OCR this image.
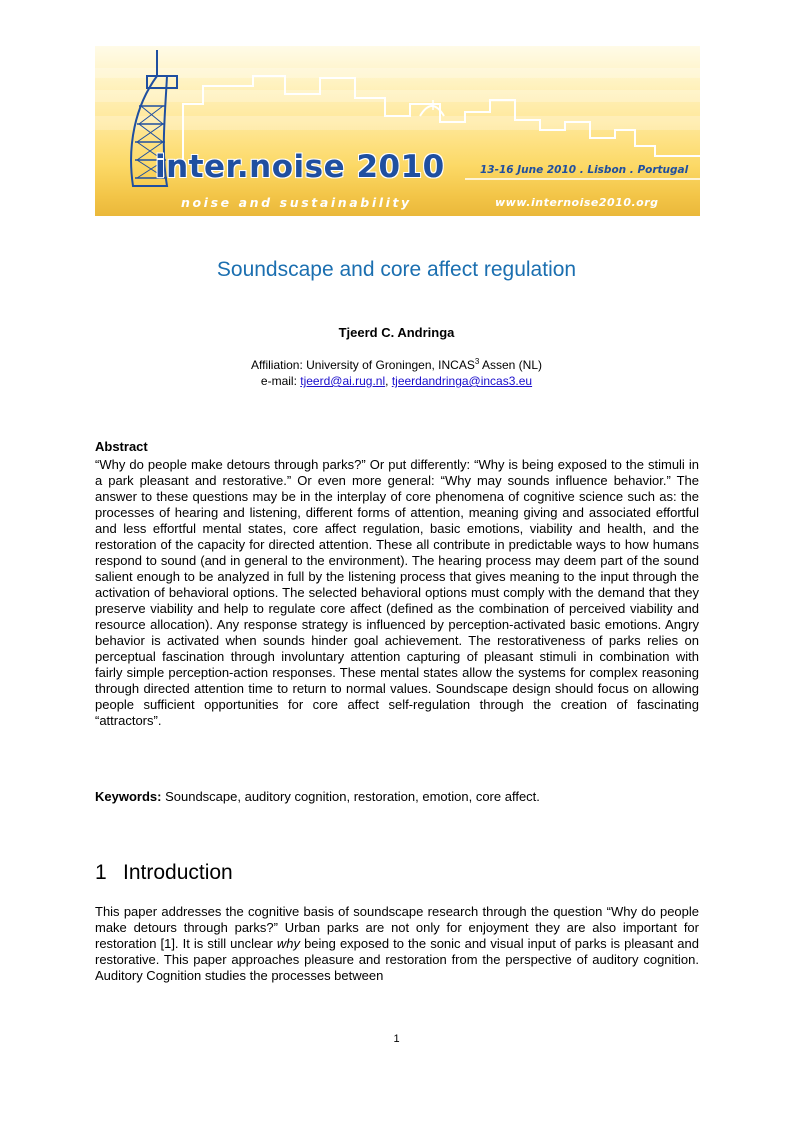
inter.noise 2010
noise and sustainability
13-16 June 2010 . Lisbon . Portugal
www.internoise2010.org
Soundscape and core affect regulation
Tjeerd C. Andringa
Affiliation: University of Groningen, INCAS$^3$ Assen (NL)
e-mail: tjeerd@ai.rug.nl, tjeerdandringa@incas3.eu
Abstract

“Why do people make detours through parks?” Or put differently: “Why is being exposed to the stimuli in a park pleasant and restorative.” Or even more general: “Why may sounds influence behavior.” The answer to these questions may be in the interplay of core phenomena of cognitive science such as: the processes of hearing and listening, different forms of attention, meaning giving and associated effortful and less effortful mental states, core affect regulation, basic emotions, viability and health, and the restoration of the capacity for directed attention. These all contribute in predictable ways to how humans respond to sound (and in general to the environment). The hearing process may deem part of the sound salient enough to be analyzed in full by the listening process that gives meaning to the input through the activation of behavioral options. The selected behavioral options must comply with the demand that they preserve viability and help to regulate core affect (defined as the combination of perceived viability and resource allocation). Any response strategy is influenced by perception-activated basic emotions. Angry behavior is activated when sounds hinder goal achievement. The restorativeness of parks relies on perceptual fascination through involuntary attention capturing of pleasant stimuli in combination with fairly simple perception-action responses. These mental states allow the systems for complex reasoning through directed attention time to return to normal values. Soundscape design should focus on allowing people sufficient opportunities for core affect self-regulation through the creation of fascinating “attractors”.

Keywords: Soundscape, auditory cognition, restoration, emotion, core affect.

1 Introduction

This paper addresses the cognitive basis of soundscape research through the question “Why do people make detours through parks?” Urban parks are not only for enjoyment they are also important for restoration [1]. It is still unclear why being exposed to the sonic and visual input of parks is pleasant and restorative. This paper approaches pleasure and restoration from the perspective of auditory cognition. Auditory Cognition studies the processes between

1
